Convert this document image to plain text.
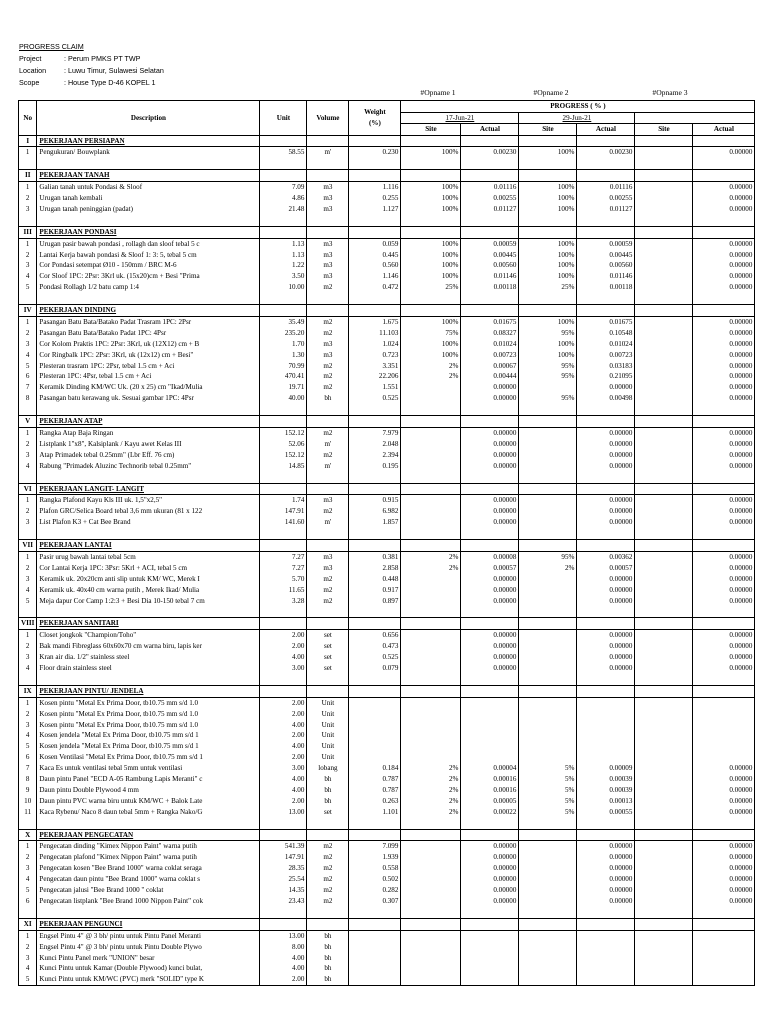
PROGRESS CLAIM
Project	: Perum PMKS PT TWP
Location : Luwu Timur, Sulawesi Selatan
Scope	: House Type D-46 KOPEL 1
#Opname 1	#Opname 2	#Opname 3
No	Description	Unit	Volume	Weight
(%)	PROGRESS ( % )					
					17-Jun-21		29-Jun-21			
					Site	Actual	Site	Actual	Site	Actual
I	PEKERJAAN PERSIAPAN									
1	Pengukuran/ Bouwplank	58.55	m'	0.230	100%	0.00230	100%	0.00230		0.00000

II	PEKERJAAN TANAH									
1	Galian tanah untuk Pondasi & Sloof	7.09	m3	1.116	100%	0.01116	100%	0.01116		0.00000
2	Urugan tanah kembali	4.86	m3	0.255	100%	0.00255	100%	0.00255		0.00000
3	Urugan tanah peninggian (padat)	21.48	m3	1.127	100%	0.01127	100%	0.01127		0.00000

III	PEKERJAAN PONDASI									
1	Urugan pasir bawah pondasi , rollagh dan sloof tebal 5 c	1.13	m3	0.059	100%	0.00059	100%	0.00059		0.00000
2	Lantai Kerja bawah pondasi & Sloof 1: 3: 5, tebal 5 cm	1.13	m3	0.445	100%	0.00445	100%	0.00445		0.00000
3	Cor Pondasi setempat Ø10 - 150mm / BRC M-6	1.22	m3	0.560	100%	0.00560	100%	0.00560		0.00000
4	Cor Sloof 1PC: 2Psr: 3Krl uk. (15x20)cm + Besi "Prima	3.50	m3	1.146	100%	0.01146	100%	0.01146		0.00000
5	Pondasi Rollagh 1/2 batu camp 1:4	10.00	m2	0.472	25%	0.00118	25%	0.00118		0.00000

IV	PEKERJAAN DINDING									
1	Pasangan Batu Bata/Batako Padat Trasram 1PC: 2Psr	35.49	m2	1.675	100%	0.01675	100%	0.01675		0.00000
2	Pasangan Batu Bata/Batako Padat 1PC: 4Psr	235.20	m2	11.103	75%	0.08327	95%	0.10548		0.00000
3	Cor Kolom Praktis 1PC: 2Psr: 3Krl, uk (12X12) cm + B	1.70	m3	1.024	100%	0.01024	100%	0.01024		0.00000
4	Cor Ringbalk 1PC: 2Psr: 3Krl, uk (12x12) cm + Besi"	1.30	m3	0.723	100%	0.00723	100%	0.00723		0.00000
5	Plesteran trasram 1PC: 2Psr, tebal 1.5 cm + Aci	70.99	m2	3.351	2%	0.00067	95%	0.03183		0.00000
6	Plesteran 1PC: 4Psr, tebal 1.5 cm + Aci	470.41	m2	22.206	2%	0.00444	95%	0.21095		0.00000
7	Keramik Dinding KM/WC Uk. (20 x 25) cm "Ikad/Mulia	19.71	m2	1.551		0.00000		0.00000		0.00000
8	Pasangan batu kerawang uk. Sesuai gambar 1PC: 4Psr	40.00	bh	0.525		0.00000	95%	0.00498		0.00000

V	PEKERJAAN ATAP									
1	Rangka Atap Baja Ringan	152.12	m2	7.979		0.00000		0.00000		0.00000
2	Listplank 1"x8", Kalsiplank / Kayu awet Kelas III	52.06	m'	2.048		0.00000		0.00000		0.00000
3	Atap Primadek tebal 0.25mm" (Lbr Eff. 76 cm)	152.12	m2	2.394		0.00000		0.00000		0.00000
4	Rabung "Primadek Aluzinc Technorib tebal 0.25mm"	14.85	m'	0.195		0.00000		0.00000		0.00000

VI	PEKERJAAN LANGIT- LANGIT									
1	Rangka Plafond Kayu Kls III uk. 1,5"x2,5"	1.74	m3	0.915		0.00000		0.00000		0.00000
2	Plafon GRC/Selica Board tebal 3,6 mm ukuran (81 x 122	147.91	m2	6.982		0.00000		0.00000		0.00000
3	List Plafon K3 + Cat Bee Brand	141.60	m'	1.857		0.00000		0.00000		0.00000

VII	PEKERJAAN LANTAI									
1	Pasir urug bawah lantai tebal 5cm	7.27	m3	0.381	2%	0.00008	95%	0.00362		0.00000
2	Cor Lantai Kerja 1PC: 3Psr: 5Krl + ACI, tebal 5 cm	7.27	m3	2.858	2%	0.00057	2%	0.00057		0.00000
3	Keramik uk. 20x20cm anti slip untuk KM/ WC, Merek I	5.70	m2	0.448		0.00000		0.00000		0.00000
4	Keramik uk. 40x40 cm warna putih , Merek Ikad/ Mulia	11.65	m2	0.917		0.00000		0.00000		0.00000
5	Meja dapur Cor Camp 1:2:3 + Besi Dia 10-150 tebal 7 cm	3.28	m2	0.897		0.00000		0.00000		0.00000

VIII	PEKERJAAN SANITARI									
1	Closet jongkok "Champion/Toho"	2.00	set	0.656		0.00000		0.00000		0.00000
2	Bak mandi Fibreglass 60x60x70 cm warna biru, lapis ker	2.00	set	0.473		0.00000		0.00000		0.00000
3	Kran air dia. 1/2" stainless steel	4.00	set	0.525		0.00000		0.00000		0.00000
4	Floor drain stainless steel	3.00	set	0.079		0.00000		0.00000		0.00000

IX	PEKERJAAN PINTU/ JENDELA									
1	Kosen pintu "Metal Ex Prima Door, tb10.75 mm s/d 1.0	2.00	Unit							
2	Kosen pintu "Metal Ex Prima Door, tb10.75 mm s/d 1.0	2.00	Unit							
3	Kosen pintu "Metal Ex Prima Door, tb10.75 mm s/d 1.0	4.00	Unit							
4	Kosen jendela "Metal Ex Prima Door, tb10.75 mm s/d 1	2.00	Unit							
5	Kosen jendela "Metal Ex Prima Door, tb10.75 mm s/d 1	4.00	Unit							
6	Kosen Ventilasi "Metal Ex Prima Door, tb10.75 mm s/d 1	2.00	Unit							
7	Kaca Es untuk ventilasi tebal 5mm untuk ventilasi	3.00	lobang	0.184	2%	0.00004	5%	0.00009		0.00000
8	Daun pintu Panel "ECD A-05 Rambung Lapis Meranti" c	4.00	bh	0.787	2%	0.00016	5%	0.00039		0.00000
9	Daun pintu Double Plywood 4 mm	4.00	bh	0.787	2%	0.00016	5%	0.00039		0.00000
10	Daun pintu PVC warna biru untuk KM/WC + Balok Late	2.00	bh	0.263	2%	0.00005	5%	0.00013		0.00000
11	Kaca Rybenu/ Naco 8 daun tebal 5mm + Rangka Nako/G	13.00	set	1.101	2%	0.00022	5%	0.00055		0.00000

X	PEKERJAAN PENGECATAN									
1	Pengecatan dinding "Kimex Nippon Paint" warna putih	541.39	m2	7.099		0.00000		0.00000		0.00000
2	Pengecatan plafond "Kimex Nippon Paint" warna putih	147.91	m2	1.939		0.00000		0.00000		0.00000
3	Pengecatan kosen "Bee Brand 1000" warna coklat seraga	28.35	m2	0.558		0.00000		0.00000		0.00000
4	Pengecatan daun pintu "Bee Brand 1000" warna coklat s	25.54	m2	0.502		0.00000		0.00000		0.00000
5	Pengecatan jalusi "Bee Brand 1000 " coklat	14.35	m2	0.282		0.00000		0.00000		0.00000
6	Pengecatan listplank "Bee Brand 1000 Nippon Paint" cok	23.43	m2	0.307		0.00000		0.00000		0.00000

XI	PEKERJAAN PENGUNCI									
1	Engsel Pintu 4" @ 3 bh/ pintu untuk Pintu Panel Meranti	13.00	bh							
2	Engsel Pintu 4" @ 3 bh/ pintu untuk Pintu Double Plywo	8.00	bh							
3	Kunci Pintu Panel merk "UNION" besar	4.00	bh							
4	Kunci Pintu untuk Kamar (Double Plywood) kunci bulat,	4.00	bh							
5	Kunci Pintu untuk KM/WC (PVC) merk "SOLID" type K	2.00	bh							
